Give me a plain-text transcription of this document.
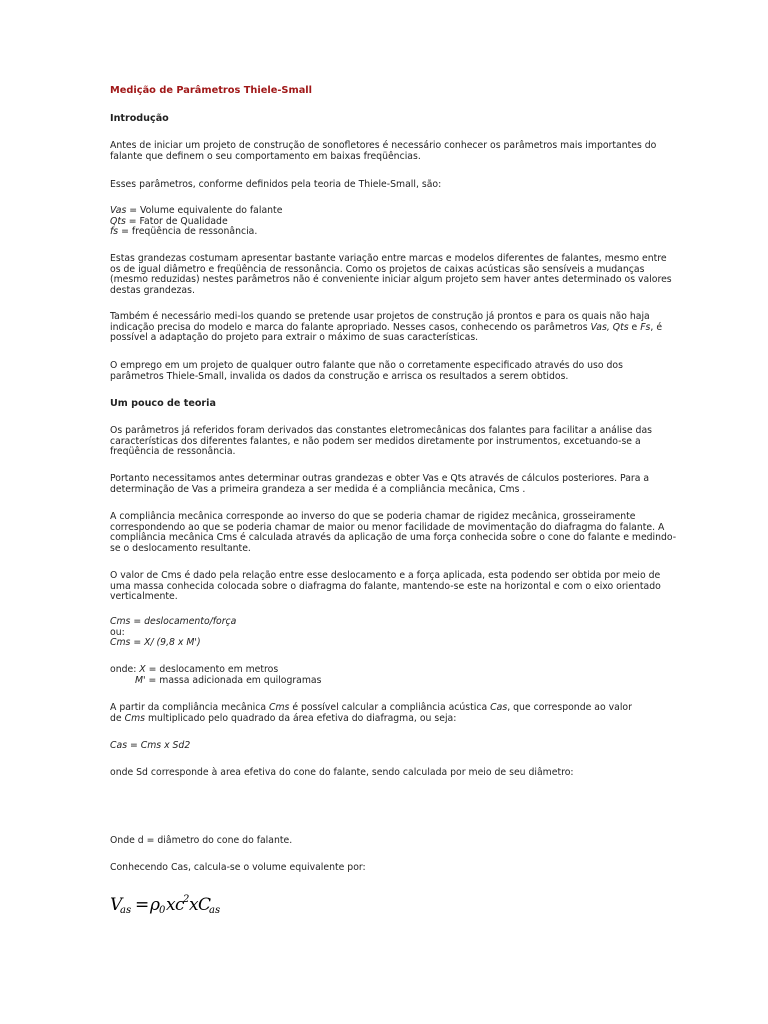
Medição de Parâmetros Thiele-Small

Introdução

Antes de iniciar um projeto de construção de sonofletores é necessário conhecer os parâmetros mais importantes do
falante que definem o seu comportamento em baixas freqüências.

Esses parâmetros, conforme definidos pela teoria de Thiele-Small, são:

Vas = Volume equivalente do falante
Qts = Fator de Qualidade
fs = freqüência de ressonância.

Estas grandezas costumam apresentar bastante variação entre marcas e modelos diferentes de falantes, mesmo entre
os de igual diâmetro e freqüência de ressonância. Como os projetos de caixas acústicas são sensíveis a mudanças
(mesmo reduzidas) nestes parâmetros não é conveniente iniciar algum projeto sem haver antes determinado os valores
destas grandezas.

Também é necessário medi-los quando se pretende usar projetos de construção já prontos e para os quais não haja
indicação precisa do modelo e marca do falante apropriado. Nesses casos, conhecendo os parâmetros Vas, Qts e Fs, é
possível a adaptação do projeto para extrair o máximo de suas características.

O emprego em um projeto de qualquer outro falante que não o corretamente especificado através do uso dos
parâmetros Thiele-Small, invalida os dados da construção e arrisca os resultados a serem obtidos.

Um pouco de teoria

Os parâmetros já referidos foram derivados das constantes eletromecânicas dos falantes para facilitar a análise das
características dos diferentes falantes, e não podem ser medidos diretamente por instrumentos, excetuando-se a
freqüência de ressonância.

Portanto necessitamos antes determinar outras grandezas e obter Vas e Qts através de cálculos posteriores. Para a
determinação de Vas a primeira grandeza a ser medida é a compliância mecânica, Cms .

A compliância mecânica corresponde ao inverso do que se poderia chamar de rigidez mecânica, grosseiramente
correspondendo ao que se poderia chamar de maior ou menor facilidade de movimentação do diafragma do falante. A
compliância mecânica Cms é calculada através da aplicação de uma força conhecida sobre o cone do falante e medindo-
se o deslocamento resultante.

O valor de Cms é dado pela relação entre esse deslocamento e a força aplicada, esta podendo ser obtida por meio de
uma massa conhecida colocada sobre o diafragma do falante, mantendo-se este na horizontal e com o eixo orientado
verticalmente.

Cms = deslocamento/força
ou:
Cms = X/ (9,8 x M')

onde: X = deslocamento em metros
M' = massa adicionada em quilogramas

A partir da compliância mecânica Cms é possível calcular a compliância acústica Cas, que corresponde ao valor
de Cms multiplicado pelo quadrado da área efetiva do diafragma, ou seja:

Cas = Cms x Sd2

onde Sd corresponde à area efetiva do cone do falante, sendo calculada por meio de seu diâmetro:

Onde d = diâmetro do cone do falante.

Conhecendo Cas, calcula-se o volume equivalente por:

V
as = ρ 0 x c
2 x C
as
